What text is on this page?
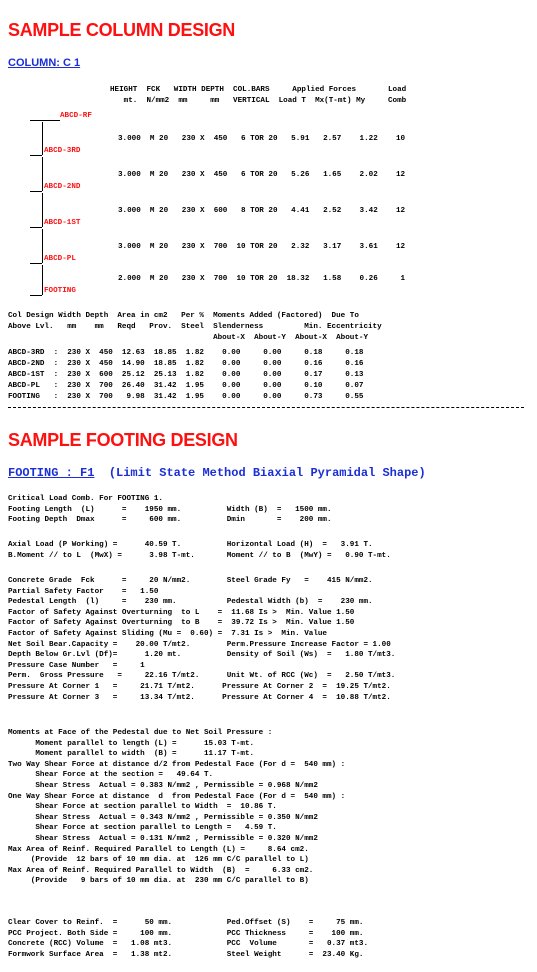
SAMPLE COLUMN DESIGN
COLUMN: C 1
HEIGHT  FCK   WIDTH DEPTH  COL.BARS     Applied Forces       Load
mt.  N/mm2  mm     mm   VERTICAL  Load T  Mx(T-mt) My     Comb
ABCD-RF
ABCD-3RD
3.000  M 20   230 X  450   6 TOR 20   5.91   2.57    1.22    10
ABCD-2ND
3.000  M 20   230 X  450   6 TOR 20   5.26   1.65    2.02    12
ABCD-1ST
3.000  M 20   230 X  600   8 TOR 20   4.41   2.52    3.42    12
ABCD-PL
3.000  M 20   230 X  700  10 TOR 20   2.32   3.17    3.61    12
FOOTING
2.000  M 20   230 X  700  10 TOR 20  18.32   1.58    0.26     1
Col Design Width Depth  Area in cm2   Per %  Moments Added (Factored)  Due To
Above Lvl.   mm    mm   Reqd   Prov.  Steel  Slenderness         Min. Eccentricity
About-X  About-Y  About-X  About-Y
ABCD-3RD  :  230 X  450  12.63  18.85  1.82    0.00     0.00     0.18     0.18
ABCD-2ND  :  230 X  450  14.90  18.85  1.82    0.00     0.00     0.16     0.16
ABCD-1ST  :  230 X  600  25.12  25.13  1.82    0.00     0.00     0.17     0.13
ABCD-PL   :  230 X  700  26.40  31.42  1.95    0.00     0.00     0.10     0.07
FOOTING   :  230 X  700   9.98  31.42  1.95    0.00     0.00     0.73     0.55
SAMPLE FOOTING DESIGN
FOOTING : F1 (Limit State Method Biaxial Pyramidal Shape)
Critical Load Comb. For FOOTING 1.
Footing Length  (L)      =    1950 mm.          Width (B)  =   1500 mm.
Footing Depth  Dmax      =     600 mm.          Dmin       =    200 mm.
Axial Load (P Working) =      40.59 T.          Horizontal Load (H)  =   3.91 T.
B.Moment // to L  (MwX) =      3.98 T-mt.       Moment // to B  (MwY) =   0.90 T-mt.
Concrete Grade  Fck      =     20 N/mm2.        Steel Grade Fy   =    415 N/mm2.
Partial Safety Factor    =   1.50
Pedestal Length  (l)     =    230 mm.           Pedestal Width (b)  =    230 mm.
Factor of Safety Against Overturning  to L    =  11.68 Is >  Min. Value 1.50
Factor of Safety Against Overturning  to B    =  39.72 Is >  Min. Value 1.50
Factor of Safety Against Sliding (Mu =  0.60) =  7.31 Is >  Min. Value
Net Soil Bear.Capacity =    20.00 T/mt2.        Perm.Pressure Increase Factor = 1.00
Depth Below Gr.Lvl (Df)=      1.20 mt.          Density of Soil (Ws)  =   1.80 T/mt3.
Pressure Case Number   =     1
Perm.  Gross Pressure   =     22.16 T/mt2.      Unit Wt. of RCC (Wc)  =   2.50 T/mt3.
Pressure At Corner 1   =     21.71 T/mt2.      Pressure At Corner 2  =  19.25 T/mt2.
Pressure At Corner 3   =     13.34 T/mt2.      Pressure At Corner 4  =  10.88 T/mt2.
Moments at Face of the Pedestal due to Net Soil Pressure :
Moment parallel to length (L) =      15.03 T-mt.
Moment parallel to width  (B) =      11.17 T-mt.
Two Way Shear Force at distance d/2 from Pedestal Face (For d =  540 mm) :
Shear Force at the section =   49.64 T.
Shear Stress  Actual = 0.383 N/mm2 , Permissible = 0.968 N/mm2
One Way Shear Force at distance  d  from Pedestal Face (For d =  540 mm) :
Shear Force at section parallel to Width  =  10.86 T.
Shear Stress  Actual = 0.343 N/mm2 , Permissible = 0.350 N/mm2
Shear Force at section parallel to Length =   4.59 T.
Shear Stress  Actual = 0.131 N/mm2 , Permissible = 0.320 N/mm2
Max Area of Reinf. Required Parallel to Length (L) =     8.64 cm2.
(Provide  12 bars of 10 mm dia. at  126 mm C/C parallel to L)
Max Area of Reinf. Required Parallel to Width  (B)  =     6.33 cm2.
(Provide   9 bars of 10 mm dia. at  230 mm C/C parallel to B)
Clear Cover to Reinf.  =      50 mm.            Ped.Offset (S)    =     75 mm.
PCC Project. Both Side =     100 mm.            PCC Thickness     =    100 mm.
Concrete (RCC) Volume  =   1.08 mt3.            PCC  Volume       =   0.37 mt3.
Formwork Surface Area  =   1.38 mt2.            Steel Weight      =  23.40 Kg.
